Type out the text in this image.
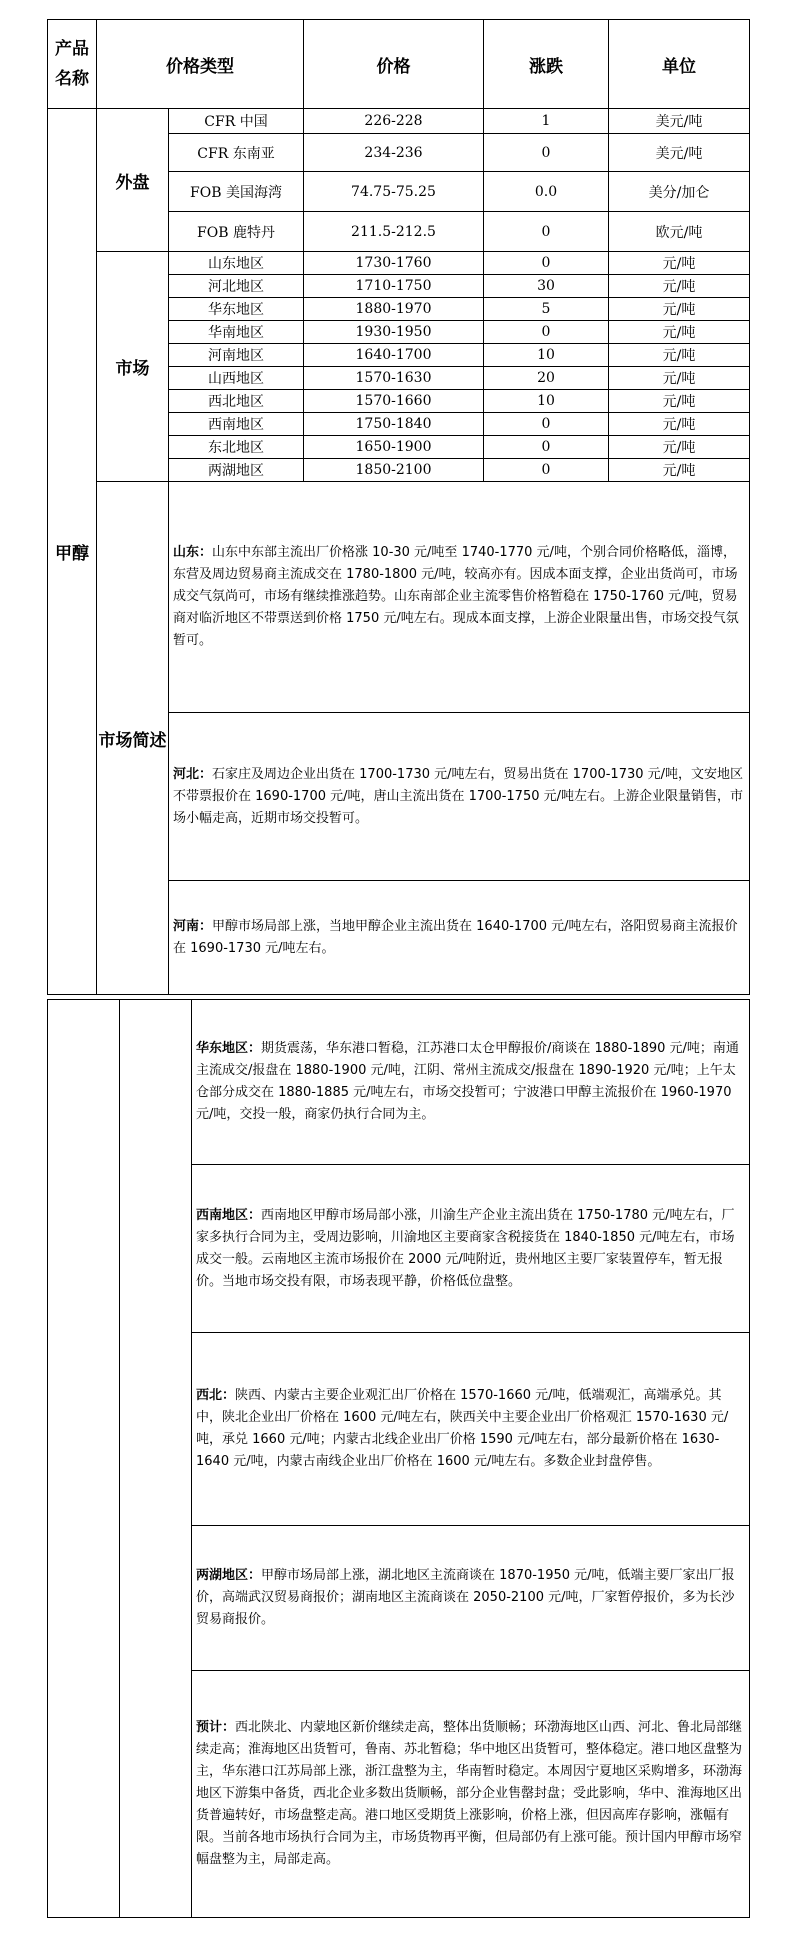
产品名称	价格类型		价格	涨跌	单位
甲醇	外盘	CFR 中国	226-228	1	美元/吨
		CFR 东南亚	234-236	0	美元/吨
		FOB 美国海湾	74.75-75.25	0.0	美分/加仑
		FOB 鹿特丹	211.5-212.5	0	欧元/吨
	市场	山东地区	1730-1760	0	元/吨
		河北地区	1710-1750	30	元/吨
		华东地区	1880-1970	5	元/吨
		华南地区	1930-1950	0	元/吨
		河南地区	1640-1700	10	元/吨
		山西地区	1570-1630	20	元/吨
		西北地区	1570-1660	10	元/吨
		西南地区	1750-1840	0	元/吨
		东北地区	1650-1900	0	元/吨
		两湖地区	1850-2100	0	元/吨
	市场简述	山东：山东中东部主流出厂价格涨 10-30 元/吨至 1740-1770 元/吨，个别合同价格略低，淄博，东营及周边贸易商主流成交在 1780-1800 元/吨，较高亦有。因成本面支撑，企业出货尚可，市场成交气氛尚可，市场有继续推涨趋势。山东南部企业主流零售价格暂稳在 1750-1760 元/吨，贸易商对临沂地区不带票送到价格 1750 元/吨左右。现成本面支撑，上游企业限量出售，市场交投气氛暂可。			
		河北：石家庄及周边企业出货在 1700-1730 元/吨左右，贸易出货在 1700-1730 元/吨，文安地区不带票报价在 1690-1700 元/吨，唐山主流出货在 1700-1750 元/吨左右。上游企业限量销售，市场小幅走高，近期市场交投暂可。			
		河南：甲醇市场局部上涨，当地甲醇企业主流出货在 1640-1700 元/吨左右，洛阳贸易商主流报价在 1690-1730 元/吨左右。			
		华东地区：期货震荡，华东港口暂稳，江苏港口太仓甲醇报价/商谈在 1880-1890 元/吨；南通主流成交/报盘在 1880-1900 元/吨，江阴、常州主流成交/报盘在 1890-1920 元/吨；上午太仓部分成交在 1880-1885 元/吨左右，市场交投暂可；宁波港口甲醇主流报价在 1960-1970 元/吨，交投一般，商家仍执行合同为主。
西南地区：西南地区甲醇市场局部小涨，川渝生产企业主流出货在 1750-1780 元/吨左右，厂家多执行合同为主，受周边影响，川渝地区主要商家含税接货在 1840-1850 元/吨左右，市场成交一般。云南地区主流市场报价在 2000 元/吨附近，贵州地区主要厂家装置停车，暂无报价。当地市场交投有限，市场表现平静，价格低位盘整。
西北：陕西、内蒙古主要企业观汇出厂价格在 1570-1660 元/吨，低端观汇，高端承兑。其中，陕北企业出厂价格在 1600 元/吨左右，陕西关中主要企业出厂价格观汇 1570-1630 元/吨，承兑 1660 元/吨；内蒙古北线企业出厂价格 1590 元/吨左右，部分最新价格在 1630-1640 元/吨，内蒙古南线企业出厂价格在 1600 元/吨左右。多数企业封盘停售。
两湖地区：甲醇市场局部上涨，湖北地区主流商谈在 1870-1950 元/吨，低端主要厂家出厂报价，高端武汉贸易商报价；湖南地区主流商谈在 2050-2100 元/吨，厂家暂停报价，多为长沙贸易商报价。
预计：西北陕北、内蒙地区新价继续走高，整体出货顺畅；环渤海地区山西、河北、鲁北局部继续走高；淮海地区出货暂可，鲁南、苏北暂稳；华中地区出货暂可，整体稳定。港口地区盘整为主，华东港口江苏局部上涨，浙江盘整为主，华南暂时稳定。本周因宁夏地区采购增多，环渤海地区下游集中备货，西北企业多数出货顺畅，部分企业售罄封盘；受此影响，华中、淮海地区出货普遍转好，市场盘整走高。港口地区受期货上涨影响，价格上涨，但因高库存影响，涨幅有限。当前各地市场执行合同为主，市场货物再平衡，但局部仍有上涨可能。预计国内甲醇市场窄幅盘整为主，局部走高。
